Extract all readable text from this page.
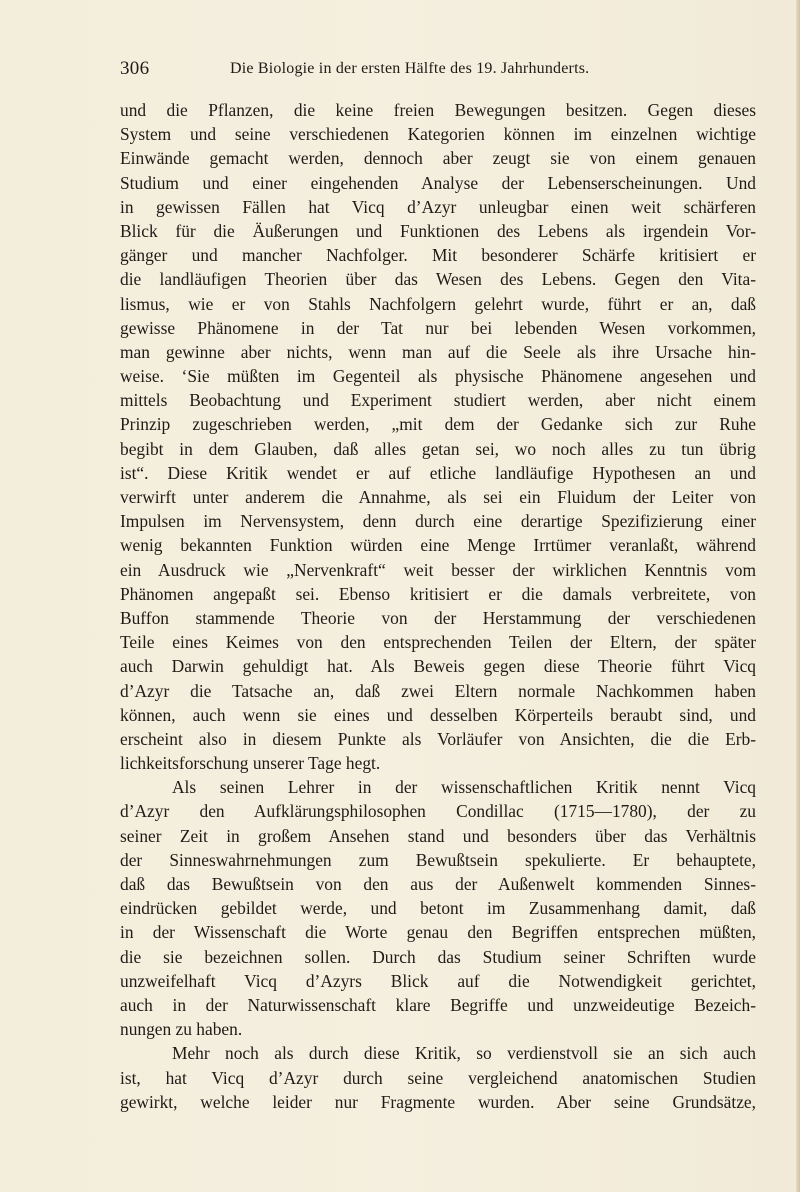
306	Die Biologie in der ersten Hälfte des 19. Jahrhunderts.
und die Pflanzen, die keine freien Bewegungen besitzen. Gegen dieses
System und seine verschiedenen Kategorien können im einzelnen wichtige
Einwände gemacht werden, dennoch aber zeugt sie von einem genauen
Studium und einer eingehenden Analyse der Lebenserscheinungen. Und
in gewissen Fällen hat Vicq d’Azyr unleugbar einen weit schärferen
Blick für die Äußerungen und Funktionen des Lebens als irgendein Vor-
gänger und mancher Nachfolger. Mit besonderer Schärfe kritisiert er
die landläufigen Theorien über das Wesen des Lebens. Gegen den Vita-
lismus, wie er von Stahls Nachfolgern gelehrt wurde, führt er an, daß
gewisse Phänomene in der Tat nur bei lebenden Wesen vorkommen,
man gewinne aber nichts, wenn man auf die Seele als ihre Ursache hin-
weise. ‘Sie müßten im Gegenteil als physische Phänomene angesehen und
mittels Beobachtung und Experiment studiert werden, aber nicht einem
Prinzip zugeschrieben werden, „mit dem der Gedanke sich zur Ruhe
begibt in dem Glauben, daß alles getan sei, wo noch alles zu tun übrig
ist“. Diese Kritik wendet er auf etliche landläufige Hypothesen an und
verwirft unter anderem die Annahme, als sei ein Fluidum der Leiter von
Impulsen im Nervensystem, denn durch eine derartige Spezifizierung einer
wenig bekannten Funktion würden eine Menge Irrtümer veranlaßt, während
ein Ausdruck wie „Nervenkraft“ weit besser der wirklichen Kenntnis vom
Phänomen angepaßt sei. Ebenso kritisiert er die damals verbreitete, von
Buffon stammende Theorie von der Herstammung der verschiedenen
Teile eines Keimes von den entsprechenden Teilen der Eltern, der später
auch Darwin gehuldigt hat. Als Beweis gegen diese Theorie führt Vicq
d’Azyr die Tatsache an, daß zwei Eltern normale Nachkommen haben
können, auch wenn sie eines und desselben Körperteils beraubt sind, und
erscheint also in diesem Punkte als Vorläufer von Ansichten, die die Erb-
lichkeitsforschung unserer Tage hegt.
Als seinen Lehrer in der wissenschaftlichen Kritik nennt Vicq
d’Azyr den Aufklärungsphilosophen Condillac (1715—1780), der zu
seiner Zeit in großem Ansehen stand und besonders über das Verhältnis
der Sinneswahrnehmungen zum Bewußtsein spekulierte. Er behauptete,
daß das Bewußtsein von den aus der Außenwelt kommenden Sinnes-
eindrücken gebildet werde, und betont im Zusammenhang damit, daß
in der Wissenschaft die Worte genau den Begriffen entsprechen müßten,
die sie bezeichnen sollen. Durch das Studium seiner Schriften wurde
unzweifelhaft Vicq d’Azyrs Blick auf die Notwendigkeit gerichtet,
auch in der Naturwissenschaft klare Begriffe und unzweideutige Bezeich-
nungen zu haben.
Mehr noch als durch diese Kritik, so verdienstvoll sie an sich auch
ist, hat Vicq d’Azyr durch seine vergleichend anatomischen Studien
gewirkt, welche leider nur Fragmente wurden. Aber seine Grundsätze,
